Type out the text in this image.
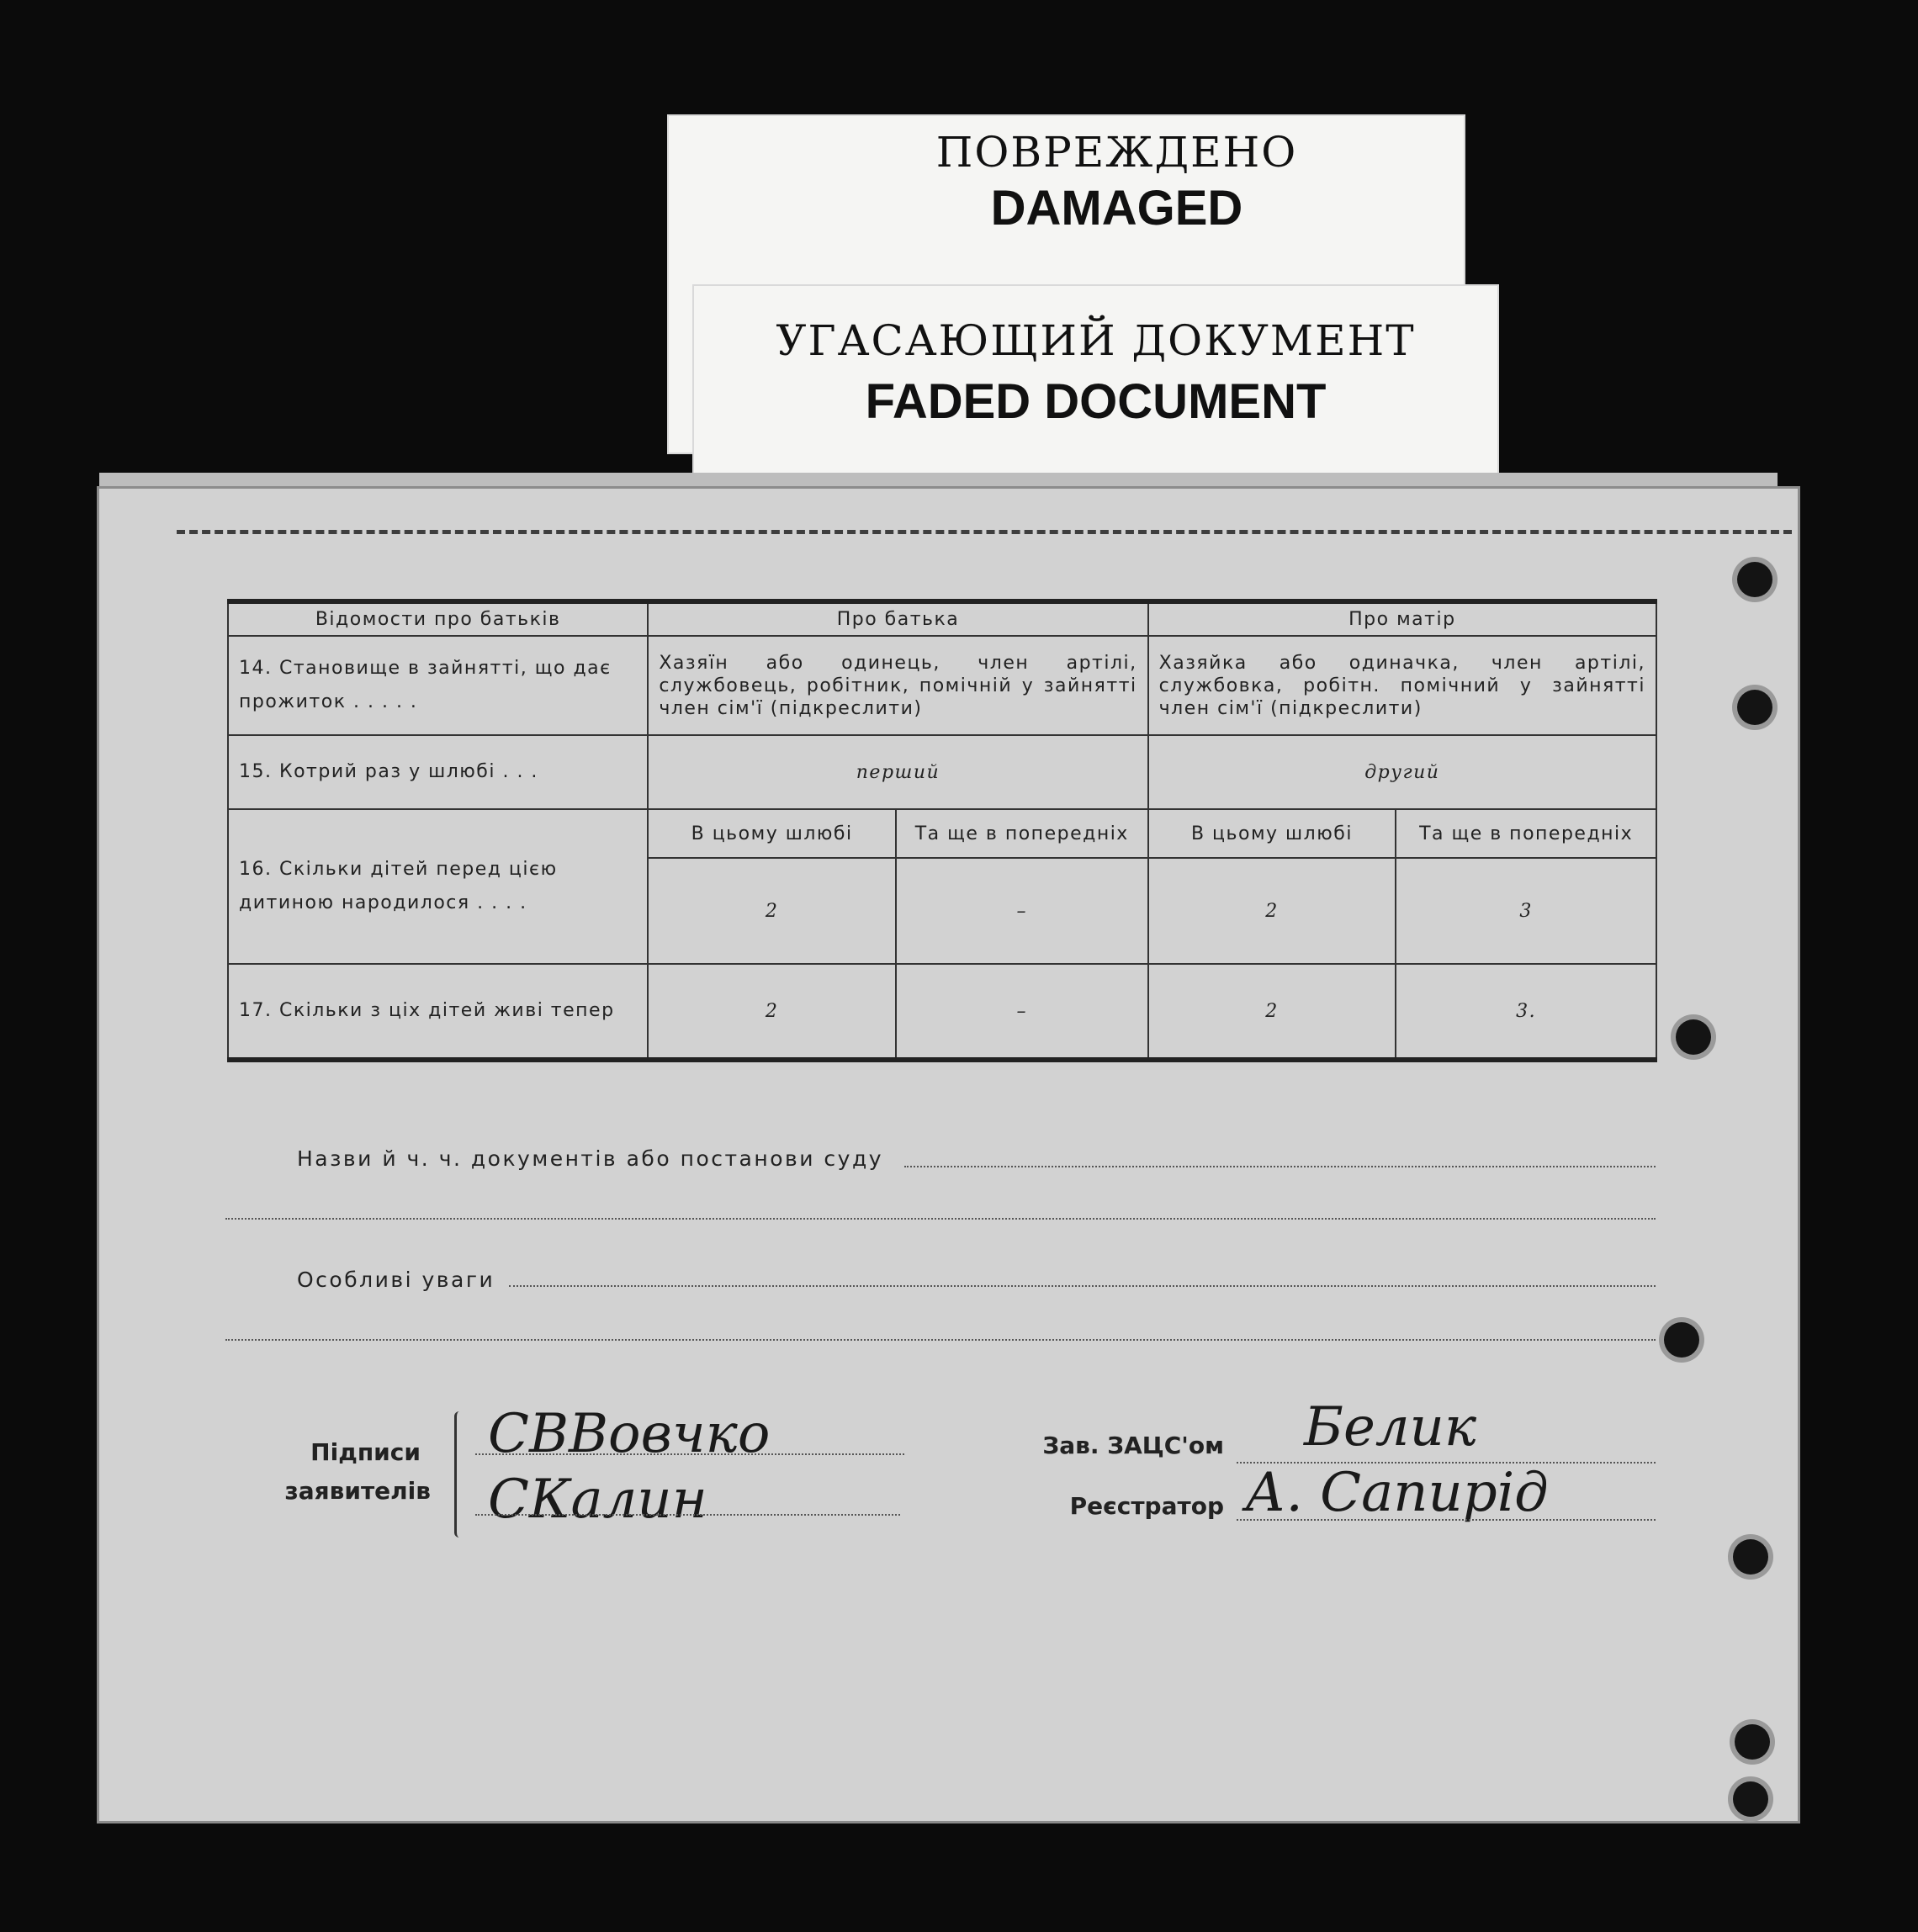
ПОВРЕЖДЕНО
DAMAGED
УГАСАЮЩИЙ ДОКУМЕНТ
FADED DOCUMENT
Відомости про батьків	Про батька		Про матір	
14. Становище в зайнятті, що дає прожиток . . . . .	Хазяїн або одинець, член артілі, службовець, робітник, помічній у зайнятті член сім'ї (підкреслити)		Хазяйка або одиначка, член артілі, службовка, робітн. помічний у зайнятті член сім'ї (підкреслити)	
15. Котрий раз у шлюбі . . .	перший		другий	
16. Скільки дітей перед цією дитиною народилося . . . .	В цьому шлюбі	Та ще в попередніх	В цьому шлюбі	Та ще в попередніх
	2	–	2	3
17. Скільки з ціх дітей живі тепер	2	–	2	3.
Назви й ч. ч. документів або постанови суду
Особливі уваги
Підписи
заявителів
СВВовчко
СКалин
Зав. ЗАЦС'ом Белик
Реєстратор А. Сапирід
